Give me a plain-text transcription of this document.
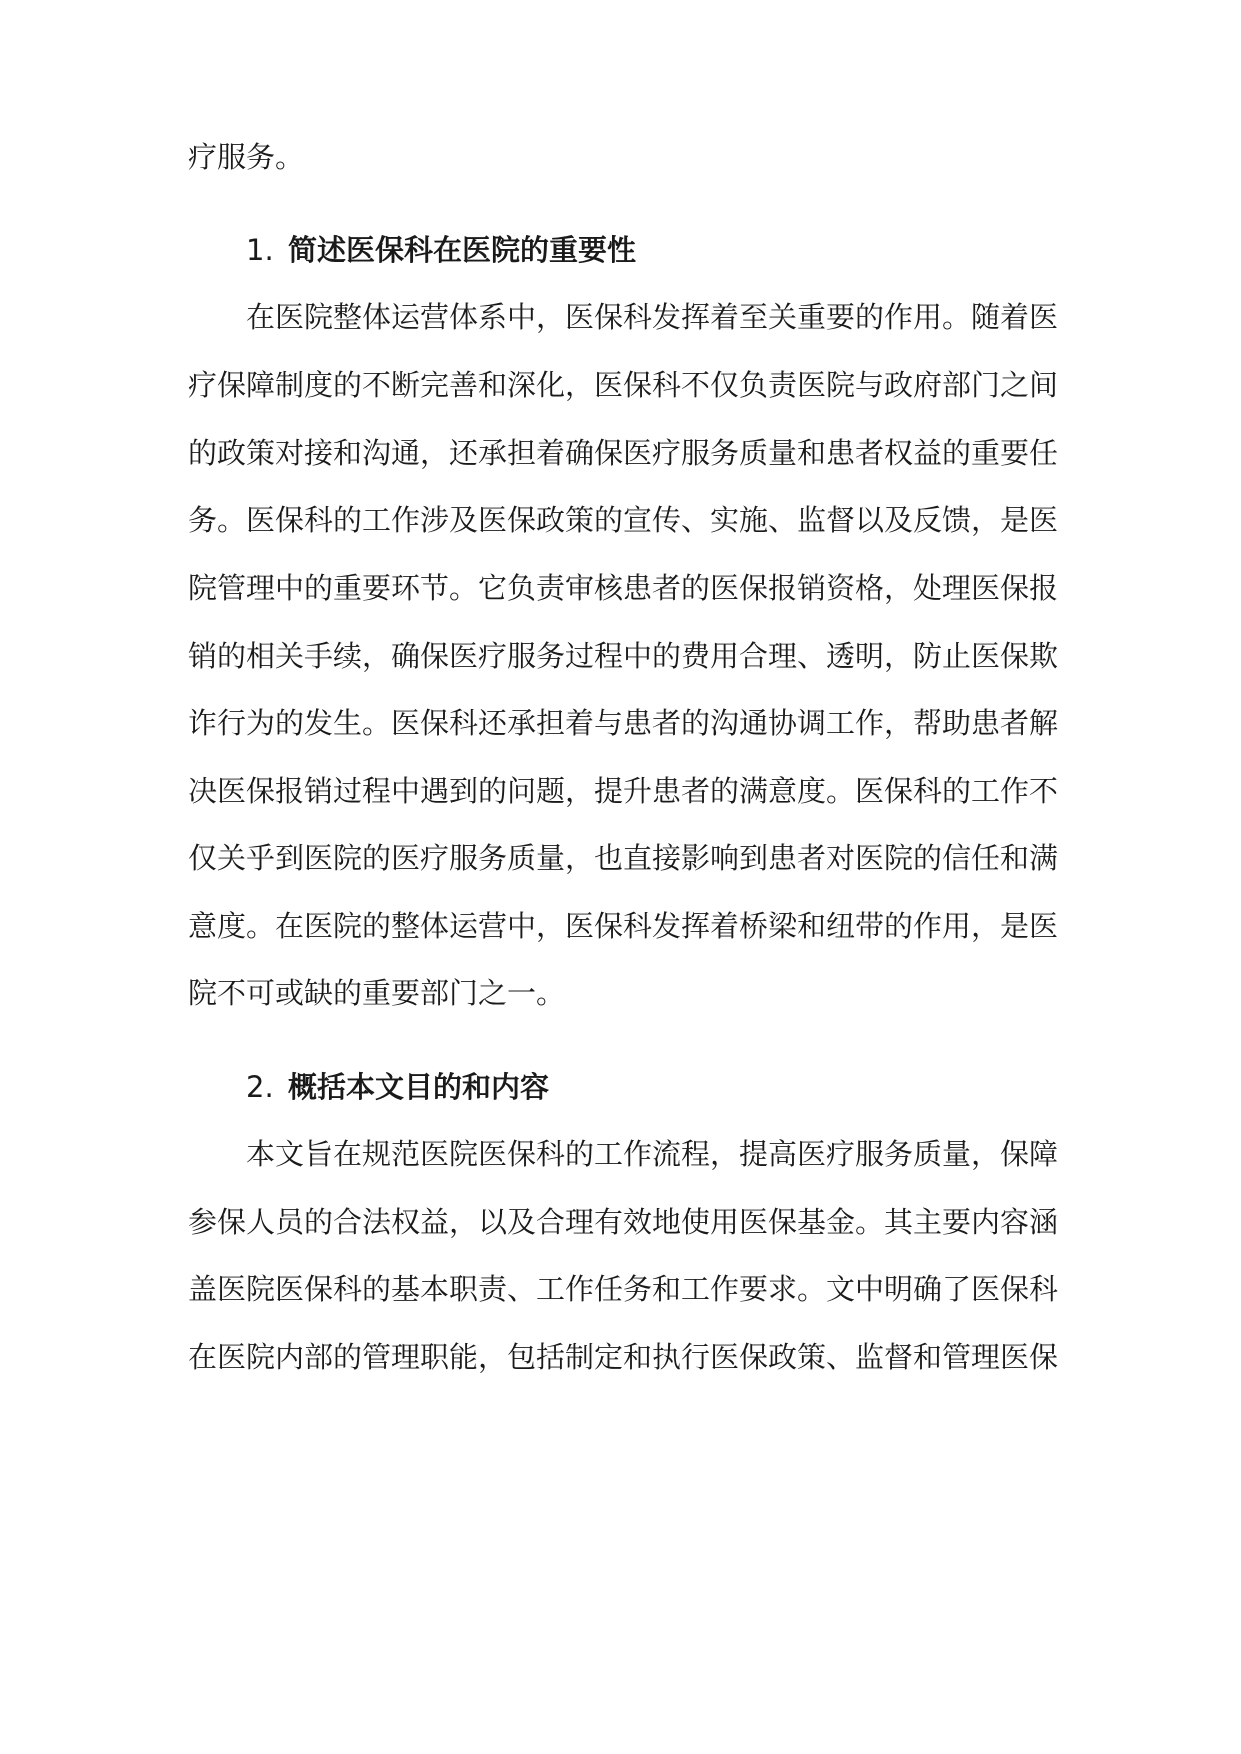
疗服务。
1. 简述医保科在医院的重要性
在医院整体运营体系中，医保科发挥着至关重要的作用。随着医
疗保障制度的不断完善和深化，医保科不仅负责医院与政府部门之间
的政策对接和沟通，还承担着确保医疗服务质量和患者权益的重要任
务。医保科的工作涉及医保政策的宣传、实施、监督以及反馈，是医
院管理中的重要环节。它负责审核患者的医保报销资格，处理医保报
销的相关手续，确保医疗服务过程中的费用合理、透明，防止医保欺
诈行为的发生。医保科还承担着与患者的沟通协调工作，帮助患者解
决医保报销过程中遇到的问题，提升患者的满意度。医保科的工作不
仅关乎到医院的医疗服务质量，也直接影响到患者对医院的信任和满
意度。在医院的整体运营中，医保科发挥着桥梁和纽带的作用，是医
院不可或缺的重要部门之一。
2. 概括本文目的和内容
本文旨在规范医院医保科的工作流程，提高医疗服务质量，保障
参保人员的合法权益，以及合理有效地使用医保基金。其主要内容涵
盖医院医保科的基本职责、工作任务和工作要求。文中明确了医保科
在医院内部的管理职能，包括制定和执行医保政策、监督和管理医保
